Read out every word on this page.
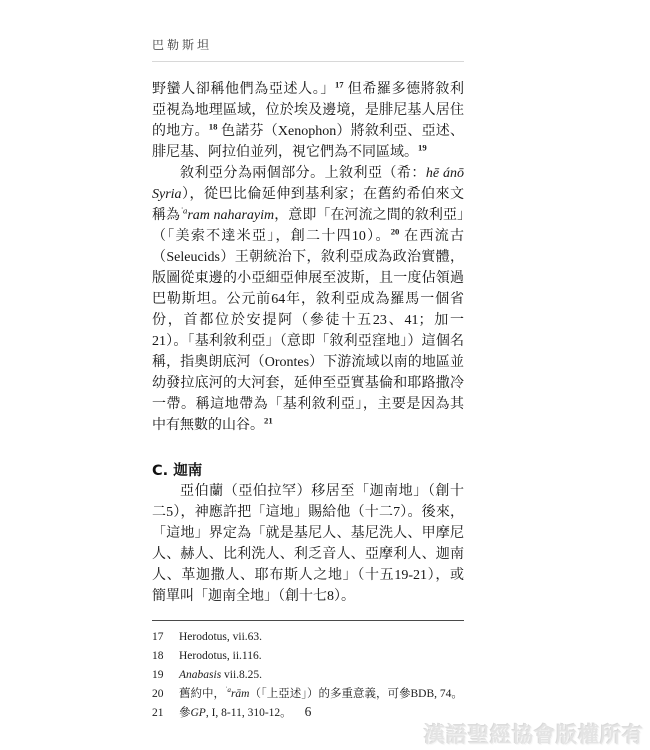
巴勒斯坦

野蠻人卻稱他們為亞述人。」$^{17}$ 但希羅多德將敘利亞視為地理區域，位於埃及邊境，是腓尼基人居住的地方。$^{18}$ 色諾芬（Xenophon）將敘利亞、亞述、腓尼基、阿拉伯並列，視它們為不同區域。$^{19}$

敘利亞分為兩個部分。上敘利亞（希：hē ánō Syria），從巴比倫延伸到基利家；在舊約希伯來文稱為$^{ʾa}$ram naharayim，意即「在河流之間的敘利亞」（「美索不達米亞」，創二十四10）。$^{20}$ 在西流古（Seleucids）王朝統治下，敘利亞成為政治實體，版圖從東邊的小亞細亞伸展至波斯，且一度佔領過巴勒斯坦。公元前64年，敘利亞成為羅馬一個省份，首都位於安提阿（參徒十五23、41；加一21）。「基利敘利亞」（意即「敘利亞窪地」）這個名稱，指奧朗底河（Orontes）下游流域以南的地區並幼發拉底河的大河套，延伸至亞實基倫和耶路撒冷一帶。稱這地帶為「基利敘利亞」，主要是因為其中有無數的山谷。$^{21}$

C. 迦南

亞伯蘭（亞伯拉罕）移居至「迦南地」（創十二5），神應許把「這地」賜給他（十二7）。後來，「這地」界定為「就是基尼人、基尼洗人、甲摩尼人、赫人、比利洗人、利乏音人、亞摩利人、迦南人、革迦撒人、耶布斯人之地」（十五19-21），或簡單叫「迦南全地」（創十七8）。

17	Herodotus, vii.63.
18	Herodotus, ii.116.
19	Anabasis vii.8.25.
20	舊約中，$^{ʾa}$rām（「上亞述」）的多重意義，可參BDB, 74。
21	參GP, I, 8-11, 310-12。 6
漢語聖經協會版權所有
